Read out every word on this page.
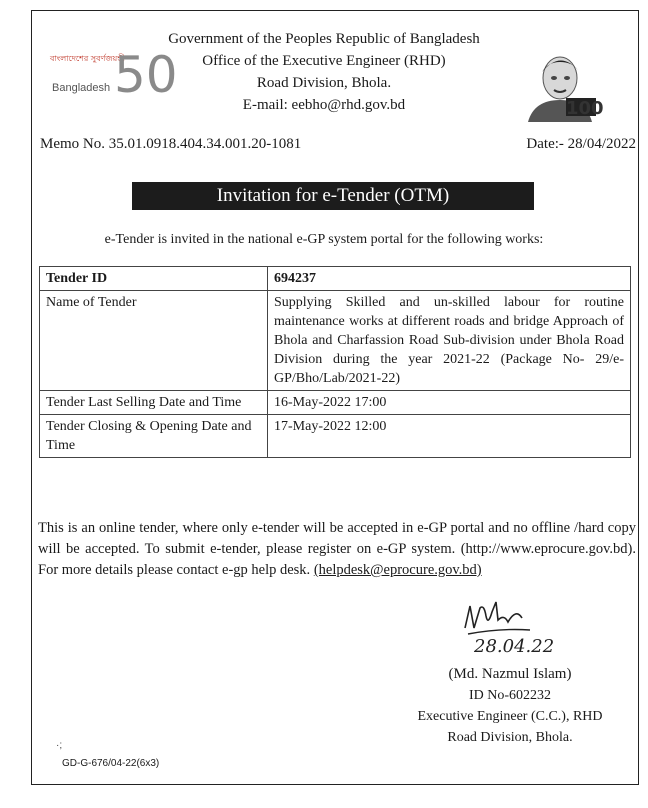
বাংলাদেশের সুবর্ণজয়ন্তী
50
Bangladesh
Government of the Peoples Republic of Bangladesh
Office of the Executive Engineer (RHD)
Road Division, Bhola.
E-mail: eebho@rhd.gov.bd	100
Memo No. 35.01.0918.404.34.001.20-1081	Date:- 28/04/2022
Invitation for e-Tender (OTM)
e-Tender is invited in the national e-GP system portal for the following works:
Tender ID	694237
Name of Tender	Supplying Skilled and un-skilled labour for routine maintenance works at different roads and bridge Approach of Bhola and Charfassion Road Sub-division under Bhola Road Division during the year 2021-22 (Package No- 29/e-GP/Bho/Lab/2021-22)
Tender Last Selling Date and Time	16-May-2022 17:00
Tender Closing & Opening Date and Time	17-May-2022 12:00
This is an online tender, where only e-tender will be accepted in e-GP portal and no offline /hard copy will be accepted. To submit e-tender, please register on e-GP system. (http://www.eprocure.gov.bd). For more details please contact e-gp help desk. (helpdesk@eprocure.gov.bd)
28.04.22
(Md. Nazmul Islam)
ID No-602232
Executive Engineer (C.C.), RHD
Road Division, Bhola.
·;
GD-G-676/04-22(6x3)
